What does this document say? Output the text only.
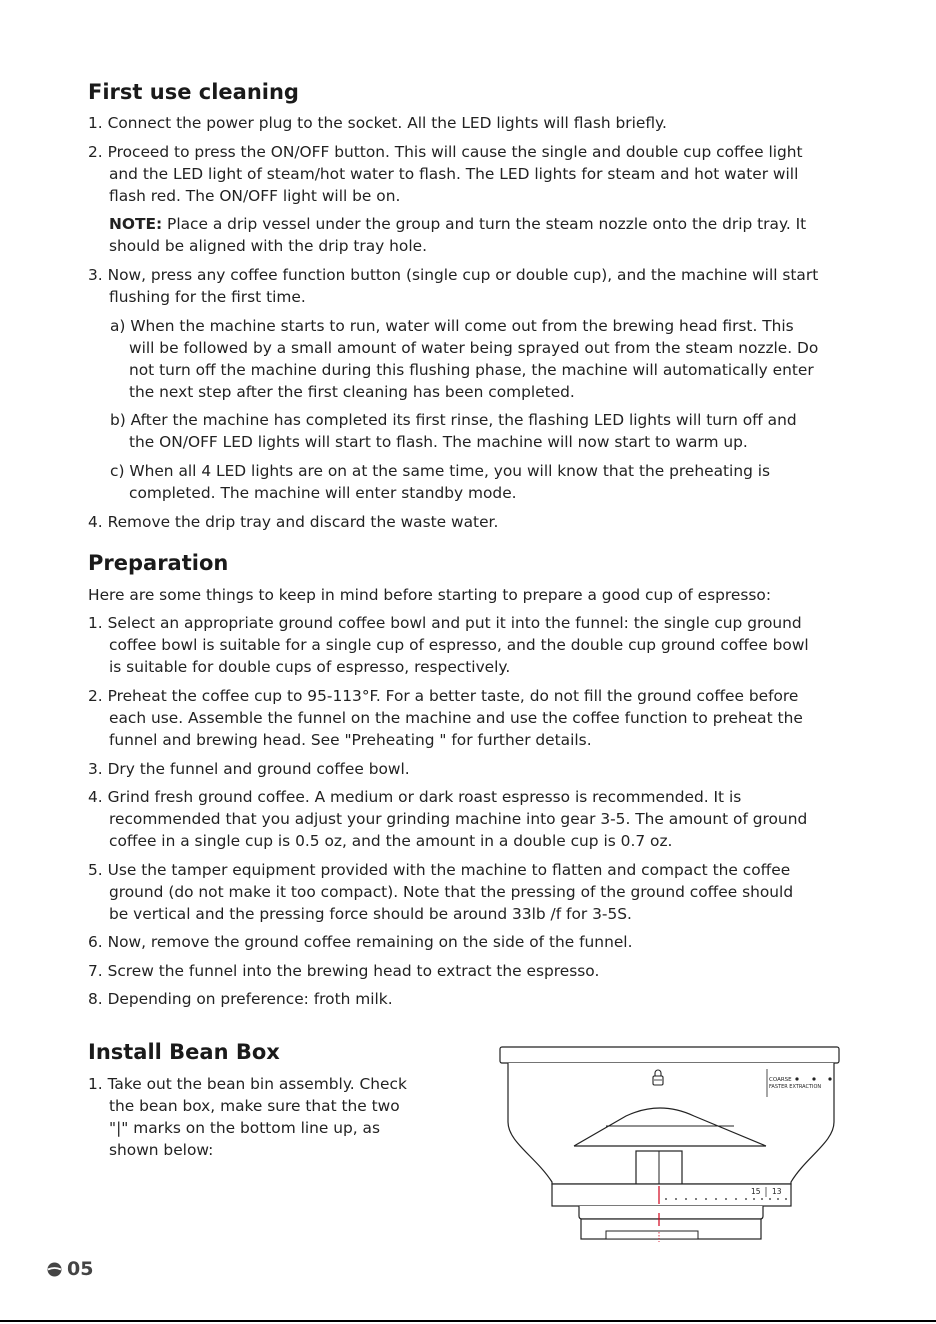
First use cleaning

1. Connect the power plug to the socket. All the LED lights will flash briefly.

2. Proceed to press the ON/OFF button. This will cause the single and double cup coffee light

and the LED light of steam/hot water to flash. The LED lights for steam and hot water will

flash red. The ON/OFF light will be on.

NOTE: Place a drip vessel under the group and turn the steam nozzle onto the drip tray. It

should be aligned with the drip tray hole.

3. Now, press any coffee function button (single cup or double cup), and the machine will start

flushing for the first time.

a) When the machine starts to run, water will come out from the brewing head first. This

will be followed by a small amount of water being sprayed out from the steam nozzle. Do

not turn off the machine during this flushing phase, the machine will automatically enter

the next step after the first cleaning has been completed.

b) After the machine has completed its first rinse, the flashing LED lights will turn off and

the ON/OFF LED lights will start to flash. The machine will now start to warm up.

c) When all 4 LED lights are on at the same time, you will know that the preheating is

completed. The machine will enter standby mode.

4. Remove the drip tray and discard the waste water.

Preparation

Here are some things to keep in mind before starting to prepare a good cup of espresso:

1. Select an appropriate ground coffee bowl and put it into the funnel: the single cup ground

coffee bowl is suitable for a single cup of espresso, and the double cup ground coffee bowl

is suitable for double cups of espresso, respectively.

2. Preheat the coffee cup to 95-113°F. For a better taste, do not fill the ground coffee before

each use. Assemble the funnel on the machine and use the coffee function to preheat the

funnel and brewing head. See "Preheating " for further details.

3. Dry the funnel and ground coffee bowl.

4. Grind fresh ground coffee. A medium or dark roast espresso is recommended. It is

recommended that you adjust your grinding machine into gear 3-5. The amount of ground

coffee in a single cup is 0.5 oz, and the amount in a double cup is 0.7 oz.

5. Use the tamper equipment provided with the machine to flatten and compact the coffee

ground (do not make it too compact). Note that the pressing of the ground coffee should

be vertical and the pressing force should be around 33lb /f for 3-5S.

6. Now, remove the ground coffee remaining on the side of the funnel.

7. Screw the funnel into the brewing head to extract the espresso.

8. Depending on preference: froth milk.

Install Bean Box

1. Take out the bean bin assembly. Check

the bean box, make sure that the two

"|" marks on the bottom line up, as

shown below:

COARSE
FASTER EXTRACTION
15 13
05
